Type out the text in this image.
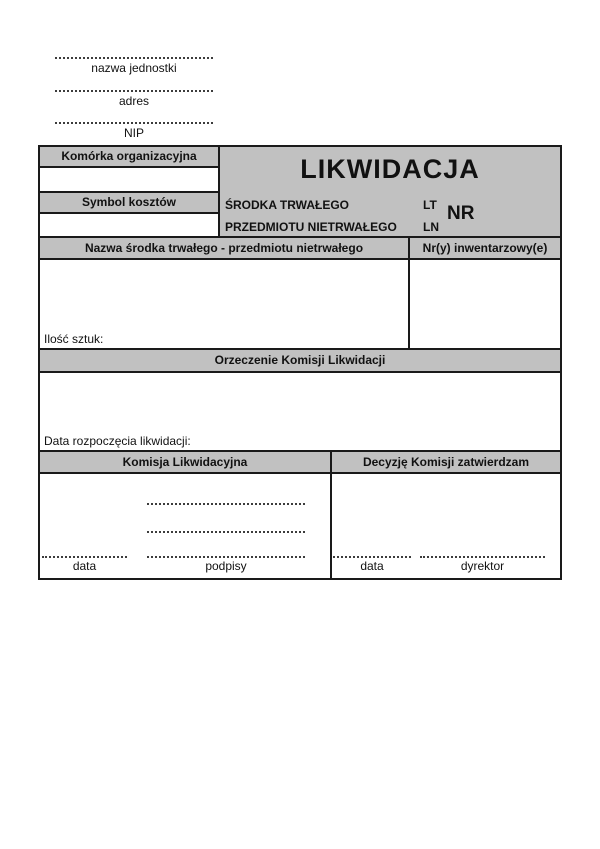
nazwa jednostki
adres
NIP
Komórka organizacyjna
Symbol kosztów
LIKWIDACJA
ŚRODKA TRWAŁEGO	LT
PRZEDMIOTU NIETRWAŁEGO LN
NR
Nazwa środka trwałego - przedmiotu nietrwałego	Nr(y) inwentarzowy(e)
Ilość sztuk:
Orzeczenie Komisji Likwidacji
Data rozpoczęcia likwidacji:
Komisja Likwidacyjna	Decyzję Komisji zatwierdzam
data	podpisy	data	dyrektor
